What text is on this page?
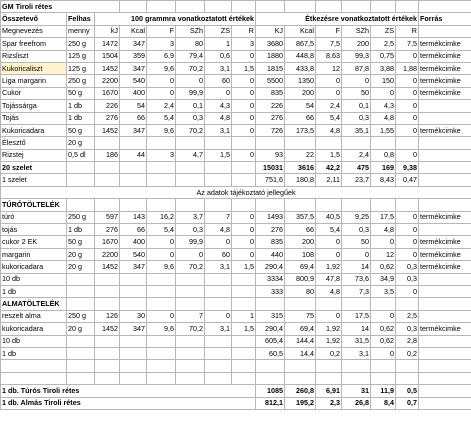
GM Tiroli rétes														
Összetevő	Felhas	100 grammra vonatkoztatott értékek						Étkezésre vonatkoztatott értékek						Forrás
Megnevezés	menny	kJ	Kcal	F	SZh	ZS	R	KJ	Kcal	F	SZh	ZS	R	
Spar freefrom	250 g	1472	347	3	80	1	3	3680	867,5	7,5	200	2,5	7,5	termékcimke
Rizsliszt	125 g	1504	359	6,9	79,4	0,6	0	1880	448,8	8,63	99,3	0,75	0	termékcimke
Kukoricaliszt	125 g	1452	347	9,6	70,2	3,1	1,5	1815	433,8	12	87,8	3,88	1,88	termékcimke
Liga margarin	250 g	2200	540	0	0	60	0	5500	1350	0	0	150	0	termékcimke
Cukor	50 g	1670	400	0	99,9	0	0	835	200	0	50	0	0	termékcimke
Tojássárga	1 db	226	54	2,4	0,1	4,3	0	226	54	2,4	0,1	4,3	0	
Tojás	1 db	276	66	5,4	0,3	4,8	0	276	66	5,4	0,3	4,8	0	
Kukoricadara	50 g	1452	347	9,6	70,2	3,1	0	726	173,5	4,8	35,1	1,55	0	termékcimke
Élesztő	20 g													
Rizstej	0,5 dl	186	44	3	4,7	1,5	0	93	22	1,5	2,4	0,8	0	
20 szelet								15031	3616	42,2	475	169	9,38	
1 szelet								751,6	180,8	2,11	23,7	8,43	0,47	
Az adatok tájékoztató jellegűek														
TÚRÓTÖLTELÉK														
túró	250 g	597	143	16,2	3,7	7	0	1493	357,5	40,5	9,25	17,5	0	termékcimke
tojás	1 db	276	66	5,4	0,3	4,8	0	276	66	5,4	0,3	4,8	0	
cukor 2 EK	50 g	1670	400	0	99,9	0	0	835	200	0	50	0	0	termékcimke
margarin	20 g	2200	540	0	0	60	0	440	108	0	0	12	0	termékcimke
kukoricadara	20 g	1452	347	9,6	70,2	3,1	1,5	290,4	69,4	1,92	14	0,62	0,3	termékcimke
10 db								3334	800,9	47,8	73,6	34,9	0,3	
1 db								333	80	4,8	7,3	3,5	0	
ALMATÖLTELÉK														
reszelt alma	250 g	126	30	0	7	0	1	315	75	0	17,5	0	2,5	
kukoricadara	20 g	1452	347	9,6	70,2	3,1	1,5	290,4	69,4	1,92	14	0,62	0,3	termékcimke
10 db								605,4	144,4	1,92	31,5	0,62	2,8	
1 db								60,5	14,4	0,2	3,1	0	0,2	

1 db. Túrós Tiroli rétes								1085	260,8	6,91	31	11,9	0,5	
1 db. Almás Tiroli rétes								812,1	195,2	2,3	26,8	8,4	0,7	
